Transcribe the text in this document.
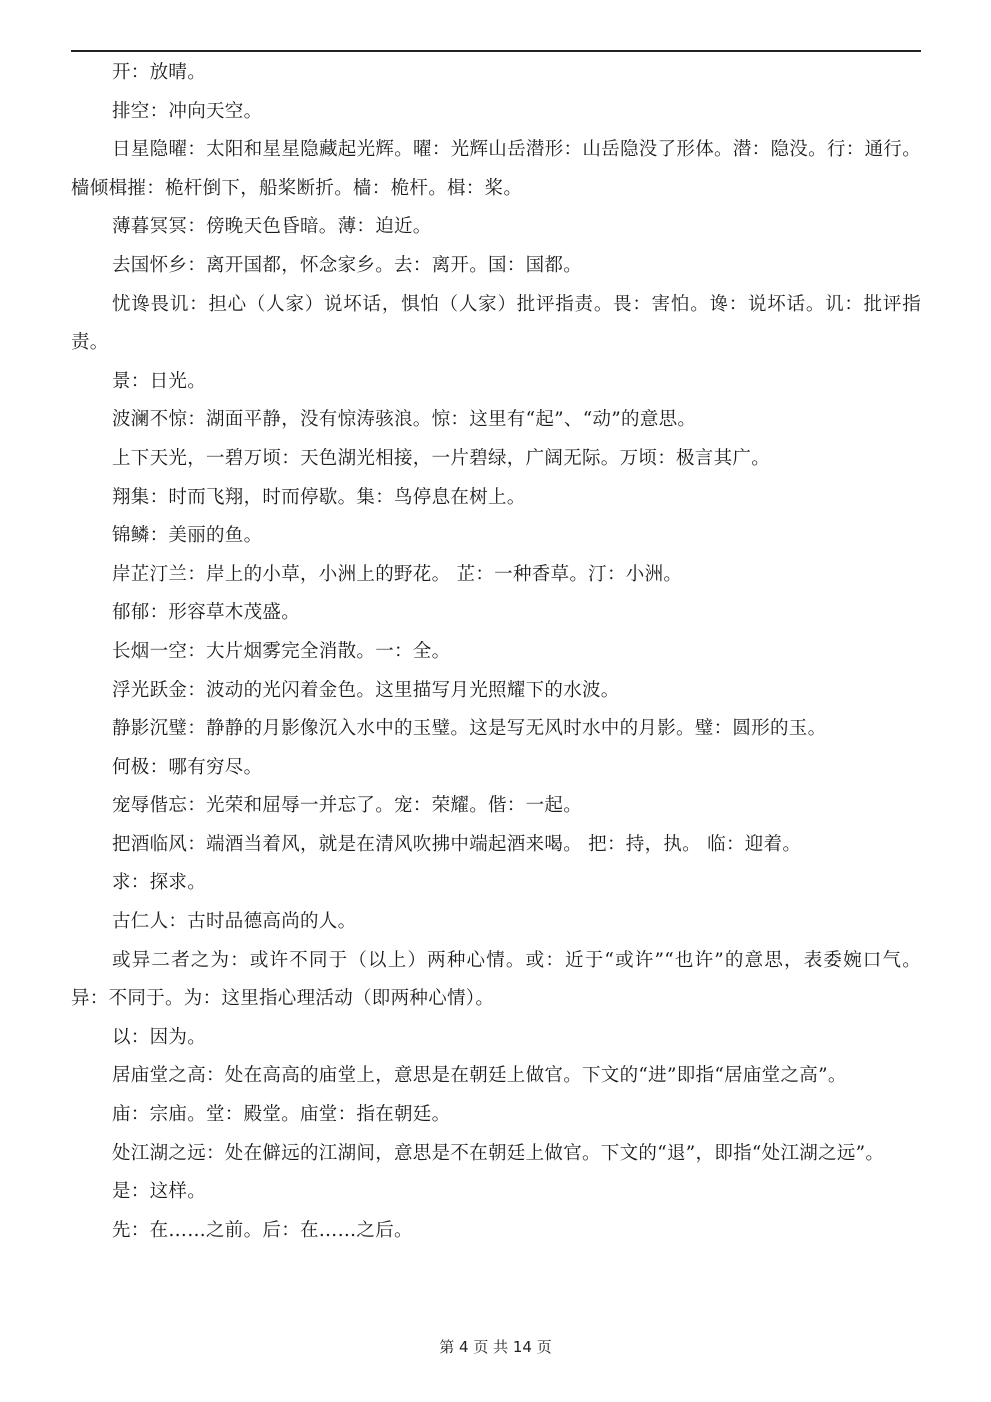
开：放晴。

排空：冲向天空。

日星隐曜：太阳和星星隐藏起光辉。曜：光辉山岳潜形：山岳隐没了形体。潜：隐没。行：通行。樯倾楫摧：桅杆倒下，船桨断折。樯：桅杆。楫：桨。

薄暮冥冥：傍晚天色昏暗。薄：迫近。

去国怀乡：离开国都，怀念家乡。去：离开。国：国都。

忧谗畏讥：担心（人家）说坏话，惧怕（人家）批评指责。畏：害怕。谗：说坏话。讥：批评指责。

景：日光。

波澜不惊：湖面平静，没有惊涛骇浪。惊：这里有“起”、“动”的意思。

上下天光，一碧万顷：天色湖光相接，一片碧绿，广阔无际。万顷：极言其广。

翔集：时而飞翔，时而停歇。集：鸟停息在树上。

锦鳞：美丽的鱼。

岸芷汀兰：岸上的小草，小洲上的野花。 芷：一种香草。汀：小洲。

郁郁：形容草木茂盛。

长烟一空：大片烟雾完全消散。一：全。

浮光跃金：波动的光闪着金色。这里描写月光照耀下的水波。

静影沉璧：静静的月影像沉入水中的玉璧。这是写无风时水中的月影。璧：圆形的玉。

何极：哪有穷尽。

宠辱偕忘：光荣和屈辱一并忘了。宠：荣耀。偕：一起。

把酒临风：端酒当着风，就是在清风吹拂中端起酒来喝。 把：持，执。 临：迎着。

求：探求。

古仁人：古时品德高尚的人。

或异二者之为：或许不同于（以上）两种心情。或：近于“或许”“也许”的意思，表委婉口气。异：不同于。为：这里指心理活动（即两种心情）。

以：因为。

居庙堂之高：处在高高的庙堂上，意思是在朝廷上做官。下文的“进”即指“居庙堂之高”。

庙：宗庙。堂：殿堂。庙堂：指在朝廷。

处江湖之远：处在僻远的江湖间，意思是不在朝廷上做官。下文的“退”，即指“处江湖之远”。

是：这样。

先：在……之前。后：在……之后。

第 4 页 共 14 页
